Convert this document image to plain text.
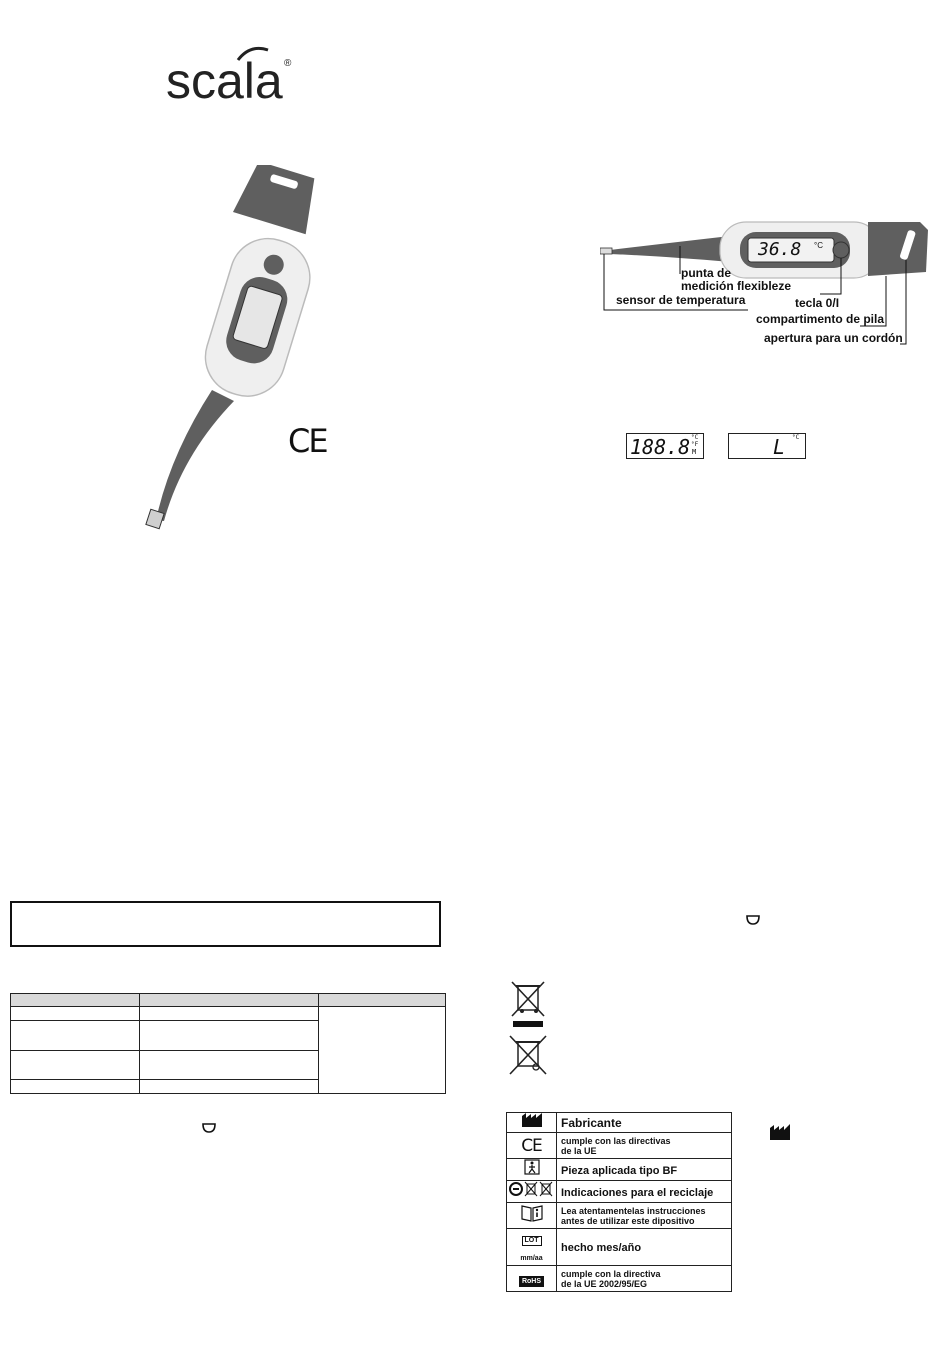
scala ®
CE
36.8 °C
punta de
medición flexibleze
sensor de temperatura	tecla 0/I
compartimento de pila
apertura para un cordón
188.8 °C
°F
M	L °C

	Fabricante
CE	cumple con las directivas
de la UE

	Pieza aplicada tipo BF
	Indicaciones para el reciclaje

Lea atentamentelas instrucciones
antes de utilizar este dipositivo

LOT
mm/aa	hecho mes/año
RoHS	cumple con la directiva
de la UE 2002/95/EG
